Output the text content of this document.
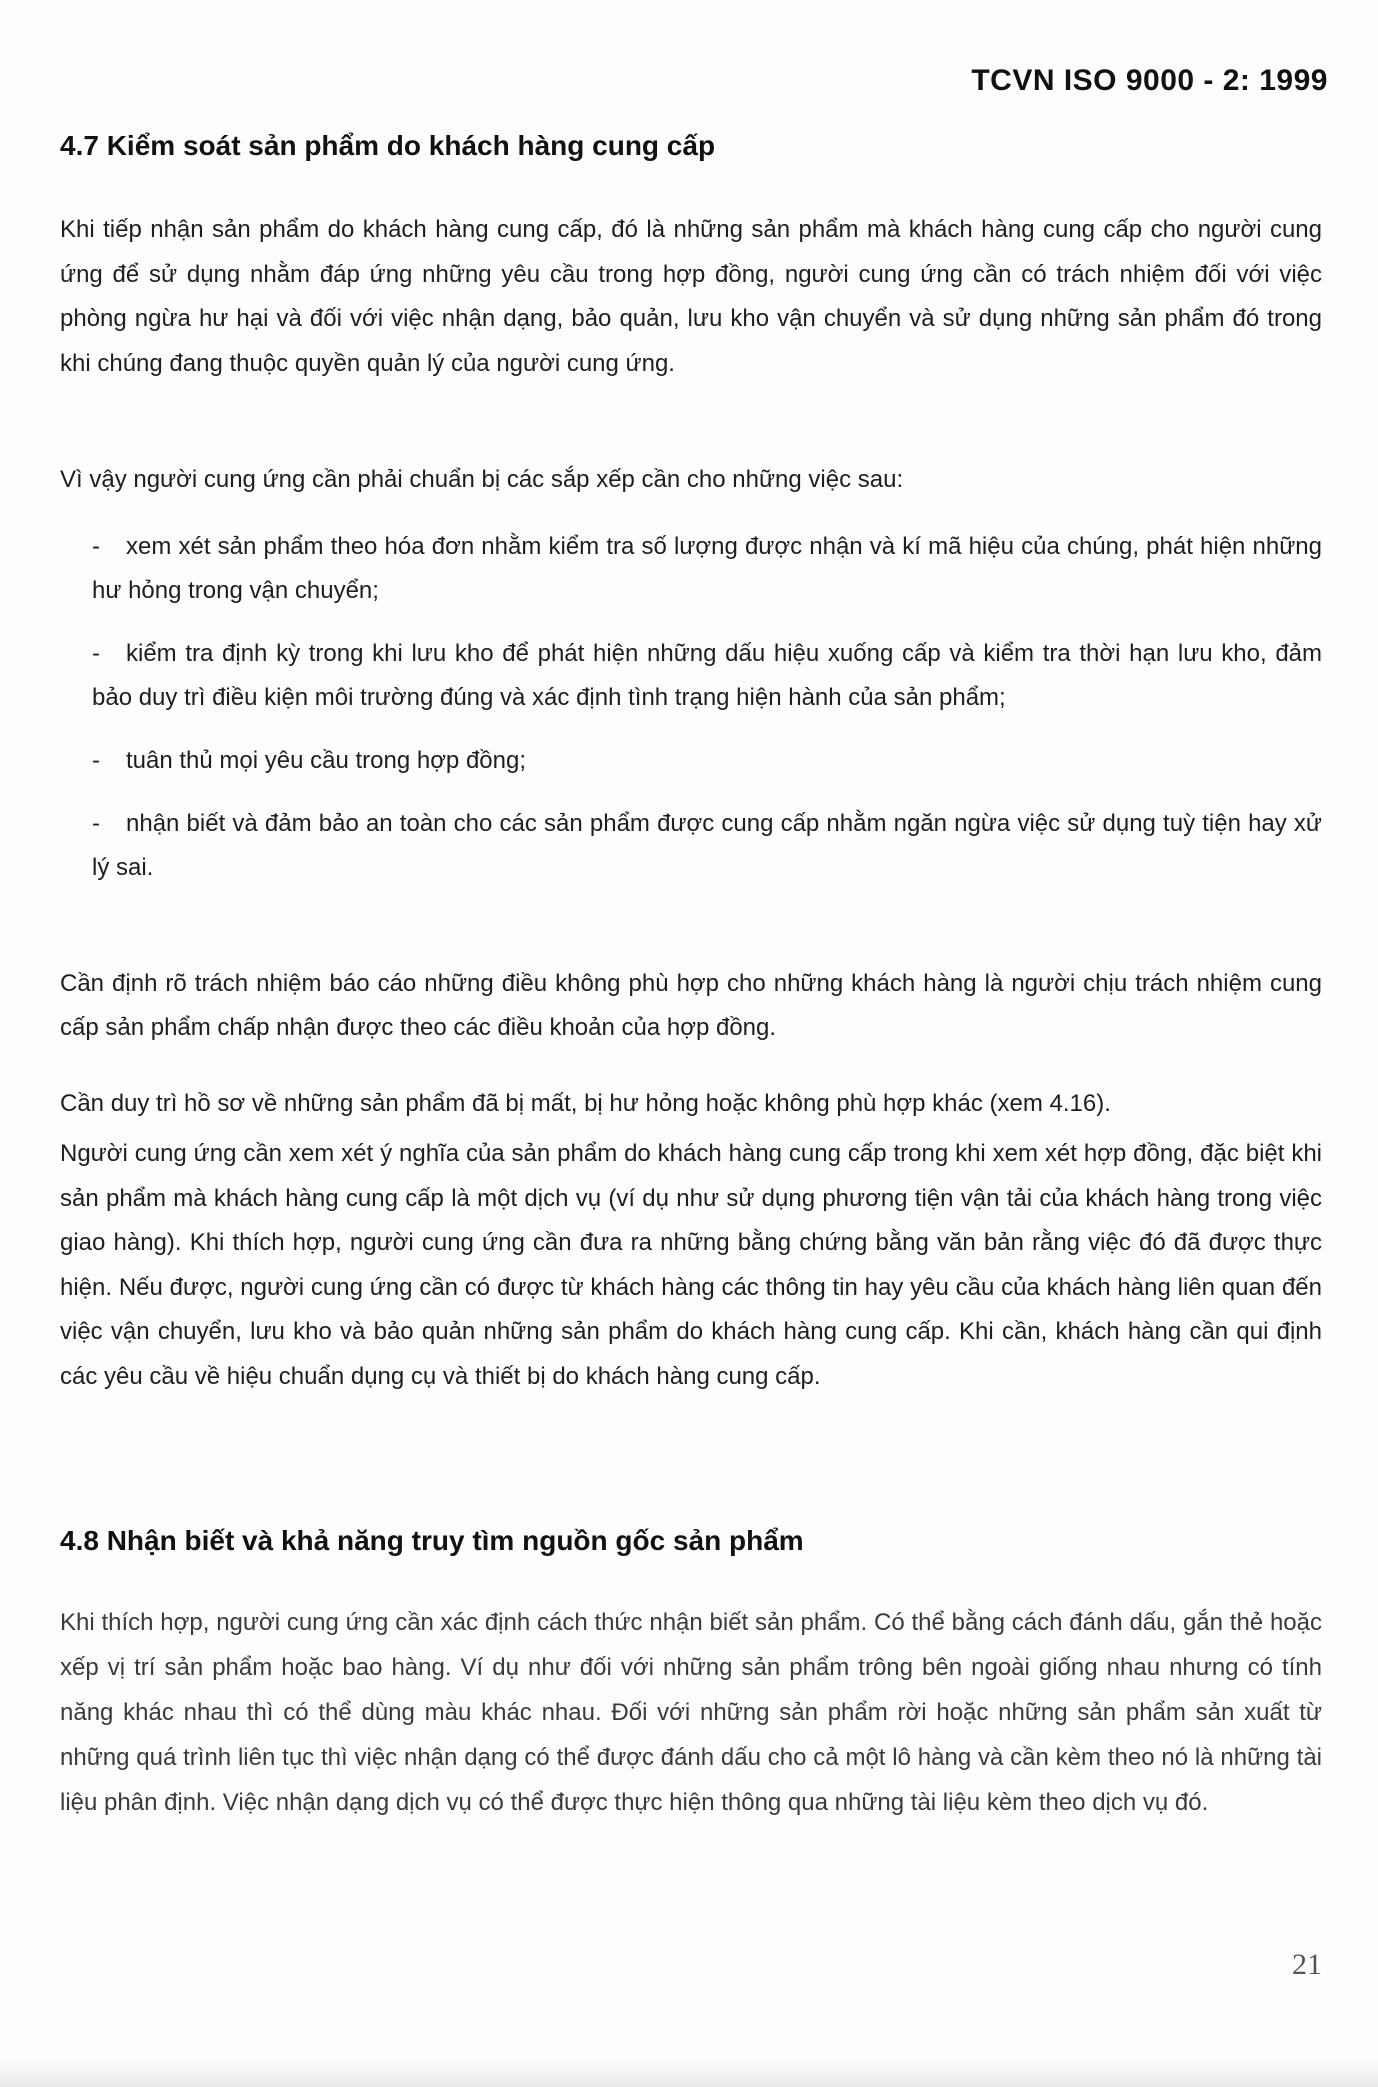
TCVN ISO 9000 - 2: 1999
4.7 Kiểm soát sản phẩm do khách hàng cung cấp

Khi tiếp nhận sản phẩm do khách hàng cung cấp, đó là những sản phẩm mà khách hàng cung cấp cho người cung ứng để sử dụng nhằm đáp ứng những yêu cầu trong hợp đồng, người cung ứng cần có trách nhiệm đối với việc phòng ngừa hư hại và đối với việc nhận dạng, bảo quản, lưu kho vận chuyển và sử dụng những sản phẩm đó trong khi chúng đang thuộc quyền quản lý của người cung ứng.

Vì vậy người cung ứng cần phải chuẩn bị các sắp xếp cần cho những việc sau:

-	xem xét sản phẩm theo hóa đơn nhằm kiểm tra số lượng được nhận và kí mã hiệu của chúng, phát hiện những hư hỏng trong vận chuyển;
-	kiểm tra định kỳ trong khi lưu kho để phát hiện những dấu hiệu xuống cấp và kiểm tra thời hạn lưu kho, đảm bảo duy trì điều kiện môi trường đúng và xác định tình trạng hiện hành của sản phẩm;
-	tuân thủ mọi yêu cầu trong hợp đồng;
-	nhận biết và đảm bảo an toàn cho các sản phẩm được cung cấp nhằm ngăn ngừa việc sử dụng tuỳ tiện hay xử lý sai.

Cần định rõ trách nhiệm báo cáo những điều không phù hợp cho những khách hàng là người chịu trách nhiệm cung cấp sản phẩm chấp nhận được theo các điều khoản của hợp đồng.

Cần duy trì hồ sơ về những sản phẩm đã bị mất, bị hư hỏng hoặc không phù hợp khác (xem 4.16).

Người cung ứng cần xem xét ý nghĩa của sản phẩm do khách hàng cung cấp trong khi xem xét hợp đồng, đặc biệt khi sản phẩm mà khách hàng cung cấp là một dịch vụ (ví dụ như sử dụng phương tiện vận tải của khách hàng trong việc giao hàng). Khi thích hợp, người cung ứng cần đưa ra những bằng chứng bằng văn bản rằng việc đó đã được thực hiện. Nếu được, người cung ứng cần có được từ khách hàng các thông tin hay yêu cầu của khách hàng liên quan đến việc vận chuyển, lưu kho và bảo quản những sản phẩm do khách hàng cung cấp. Khi cần, khách hàng cần qui định các yêu cầu về hiệu chuẩn dụng cụ và thiết bị do khách hàng cung cấp.

4.8 Nhận biết và khả năng truy tìm nguồn gốc sản phẩm

Khi thích hợp, người cung ứng cần xác định cách thức nhận biết sản phẩm. Có thể bằng cách đánh dấu, gắn thẻ hoặc xếp vị trí sản phẩm hoặc bao hàng. Ví dụ như đối với những sản phẩm trông bên ngoài giống nhau nhưng có tính năng khác nhau thì có thể dùng màu khác nhau. Đối với những sản phẩm rời hoặc những sản phẩm sản xuất từ những quá trình liên tục thì việc nhận dạng có thể được đánh dấu cho cả một lô hàng và cần kèm theo nó là những tài liệu phân định. Việc nhận dạng dịch vụ có thể được thực hiện thông qua những tài liệu kèm theo dịch vụ đó.

21
